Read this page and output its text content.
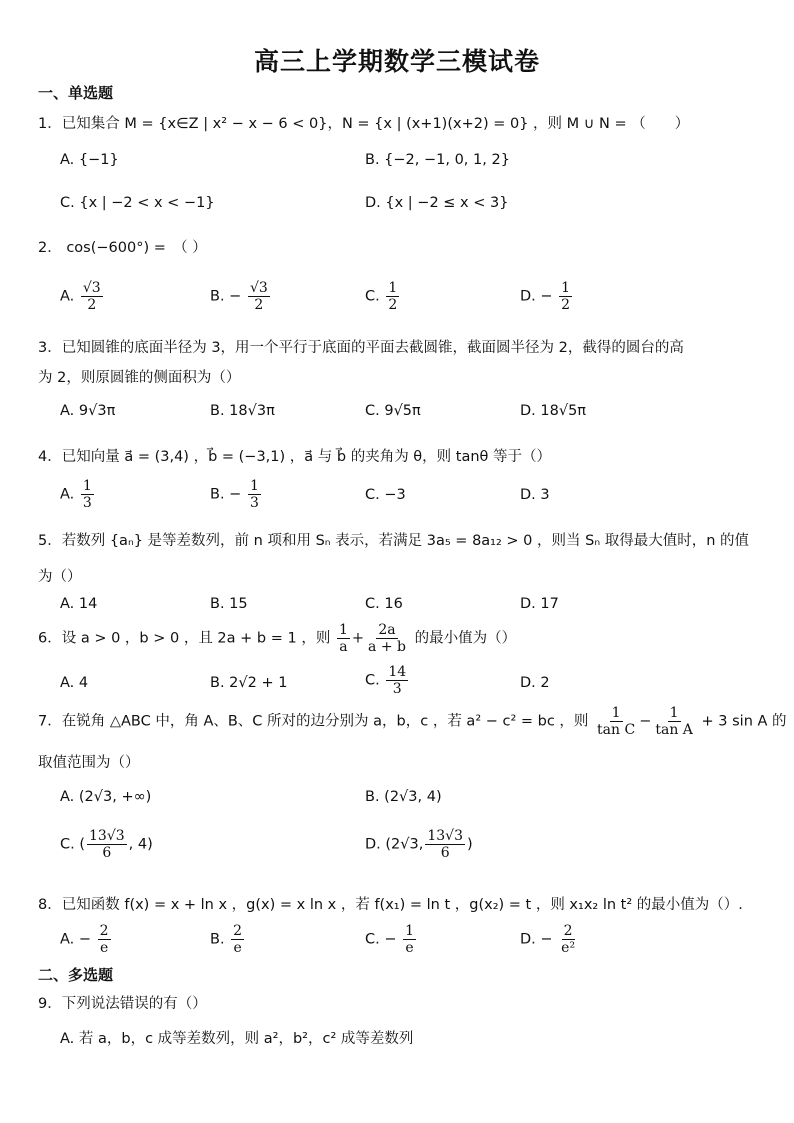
高三上学期数学三模试卷
一、单选题
1．已知集合 M = {x∈Z | x² − x − 6 < 0}，N = {x | (x+1)(x+2) = 0} ，则 M ∪ N = （　　）
A. {−1}	B. {−2, −1, 0, 1, 2}
C. {x | −2 < x < −1}	D. {x | −2 ≤ x < 3}
2． cos(−600°) =　（ ）
A. $\frac{√3}{2}$	B. − $\frac{√3}{2}$	C. $\frac{1}{2}$	D. − $\frac{1}{2}$
3．已知圆锥的底面半径为 3，用一个平行于底面的平面去截圆锥，截面圆半径为 2，截得的圆台的高
为 2，则原圆锥的侧面积为（）
A. 9√3π	B. 18√3π	C. 9√5π	D. 18√5π
4．已知向量 a⃗ = (3,4) ，b⃗ = (−3,1) ，a⃗ 与 b⃗ 的夹角为 θ，则 tanθ 等于（）
A. $\frac{1}{3}$	B. − $\frac{1}{3}$	C. −3	D. 3
5．若数列 {aₙ} 是等差数列，前 n 项和用 Sₙ 表示，若满足 3a₅ = 8a₁₂ > 0 ，则当 Sₙ 取得最大值时，n 的值
为（）
A. 14	B. 15	C. 16	D. 17
6．设 a > 0 ，b > 0 ，且 2a + b = 1 ，则 $\frac{1}{a} + \frac{2a}{a + b}$ 的最小值为（）
A. 4	B. 2√2 + 1	C. $\frac{14}{3}$	D. 2
7．在锐角 △ABC 中，角 A、B、C 所对的边分别为 a，b，c ，若 a² − c² = bc ，则 $\frac{1}{\text{tan C}} - \frac{1}{\text{tan A}} + 3$ sin A 的
取值范围为（）
A. (2√3, +∞)	B. (2√3, 4)
C. ( $\frac{13√3}{6}$ , 4)	D. (2√3, $\frac{13√3}{6}$ )
8．已知函数 f(x) = x + ln x ，g(x) = x ln x ，若 f(x₁) = ln t ，g(x₂) = t ，则 x₁x₂ ln t² 的最小值为（）.
A. − $\frac{2}{e}$	B. $\frac{2}{e}$	C. − $\frac{1}{e}$	D. − $\frac{2}{\text{e²}}$
二、多选题
9．下列说法错误的有（）
A. 若 a，b，c 成等差数列，则 a²，b²，c² 成等差数列
